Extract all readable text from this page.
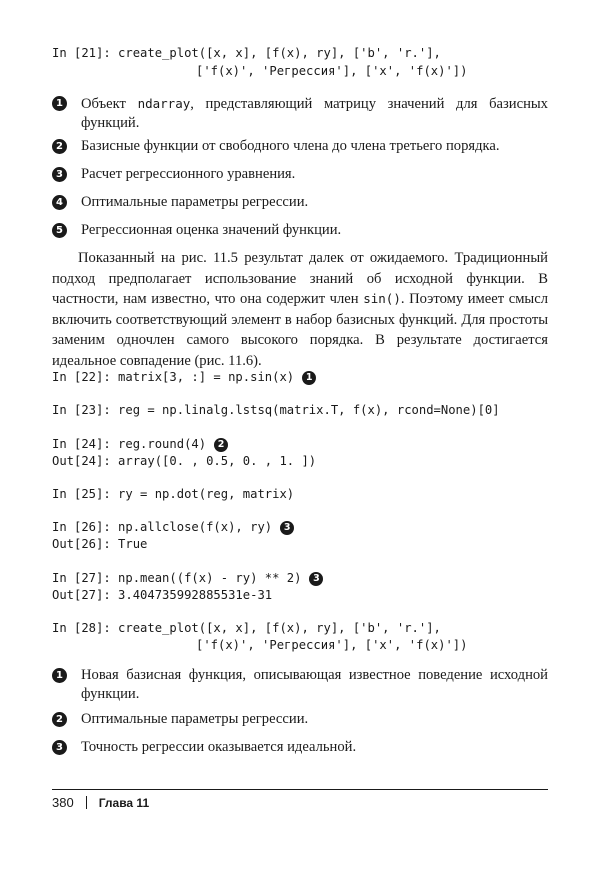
In [21]: create_plot([x, x], [f(x), ry], ['b', 'r.'],
['f(x)', 'Регрессия'], ['x', 'f(x)'])
1 Объект ndarray, представляющий матрицу значений для базисных функций.
2 Базисные функции от свободного члена до члена третьего порядка.
3 Расчет регрессионного уравнения.
4 Оптимальные параметры регрессии.
5 Регрессионная оценка значений функции.

Показанный на рис. 11.5 результат далек от ожидаемого. Традиционный подход предполагает использование знаний об исходной функции. В частности, нам известно, что она содержит член sin(). Поэтому имеет смысл включить соответствующий элемент в набор базисных функций. Для простоты заменим одночлен самого высокого порядка. В результате достигается идеальное совпадение (рис. 11.6).

In [22]: matrix[3, :] = np.sin(x) 1
In [23]: reg = np.linalg.lstsq(matrix.T, f(x), rcond=None)[0]
In [24]: reg.round(4) 2
Out[24]: array([0. , 0.5, 0. , 1. ])
In [25]: ry = np.dot(reg, matrix)
In [26]: np.allclose(f(x), ry) 3
Out[26]: True
In [27]: np.mean((f(x) - ry) ** 2) 3
Out[27]: 3.404735992885531e-31
In [28]: create_plot([x, x], [f(x), ry], ['b', 'r.'],
['f(x)', 'Регрессия'], ['x', 'f(x)'])
1 Новая базисная функция, описывающая известное поведение исходной функции.
2 Оптимальные параметры регрессии.
3 Точность регрессии оказывается идеальной.
380 Глава 11
